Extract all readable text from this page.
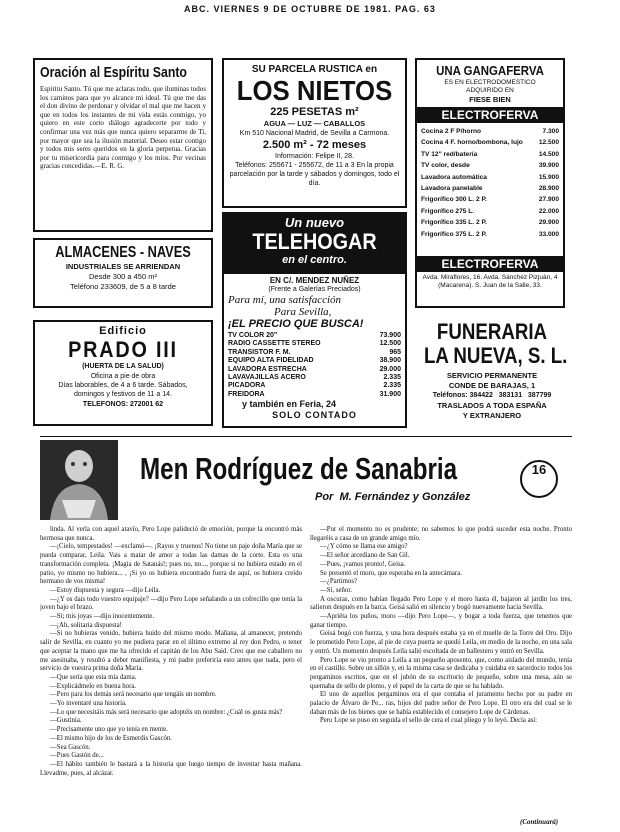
ABC. VIERNES 9 DE OCTUBRE DE 1981. PAG. 63
Oración al Espíritu Santo
Espíritu Santo. Tú que me aclaras todo, que iluminas todos los caminos para que yo alcance mi ideal. Tú que me das el don divino de perdonar y olvidar el mal que me hacen y que en todos los instantes de mi vida estás conmigo, yo quiero en este corto diálogo agradecerte por todo y confirmar una vez más que nunca quiero separarme de Ti, por mayor que sea la ilusión material. Deseo estar contigo y todos mis seres queridos en la gloria perpetua. Gracias por tu misericordia para conmigo y los míos. Por vecinas gracias concedidas.—E. R. G.
ALMACENES - NAVES
INDUSTRIALES SE ARRIENDAN
Desde 300 a 450 m²
Teléfono 233609, de 5 a 8 tarde
Edificio
PRADO III
(HUERTA DE LA SALUD)
Oficina a pie de obra
Días laborables, de 4 a 6 tarde. Sábados, domingos y festivos de 11 a 14.
TELEFONOS: 272001 62
SU PARCELA RUSTICA en
LOS NIETOS
225 PESETAS m²
AGUA — LUZ — CABALLOS
Km 510 Nacional Madrid, de Sevilla a Carmona.
2.500 m² - 72 meses
Información: Felipe II, 28.
Teléfonos: 255671 - 255672, de 11 a 3 En la propia parcelación por la tarde y sábados y domingos, todo el día.
Un nuevo
TELEHOGAR
en el centro.
EN C/. MENDEZ NUÑEZ
(Frente a Galerías Preciados)
Para mí, una satisfacción
Para Sevilla,
¡EL PRECIO QUE BUSCA!
TV COLOR 20"	73.900
RADIO CASSETTE STEREO	12.500
TRANSISTOR F. M.	965
EQUIPO ALTA FIDELIDAD	38.900
LAVADORA ESTRECHA	29.000
LAVAVAJILLAS ACERO	2.335
PICADORA	2.335
FREIDORA	31.900
y también en Feria, 24
SOLO CONTADO
UNA GANGAFERVA
ES EN ELECTRODOMESTICO ADQUIRIDO EN
FIESE BIEN
ELECTROFERVA
Cocina 2 F P/horno	7.300
Cocina 4 F. horno/bombona, lujo 12.500
TV 12" red/batería	14.500
TV color, desde	39.900
Lavadora automática	15.900
Lavadora panelable	28.900
Frigorífico 300 L. 2 P.	27.900
Frigorífico 275 L.	22.000
Frigorífico 335 L. 2 P.	29.900
Frigorífico 375 L. 2 P.	33.000
ELECTROFERVA
Avda. Miraflores, 16. Avda. Sánchez Pizjuán, 4 (Macarena). S. Juan de la Salle, 33.
FUNERARIA
LA NUEVA, S. L.
SERVICIO PERMANENTE
CONDE DE BARAJAS, 1
Teléfonos: 384422   383131   387799
TRASLADOS A TODA ESPAÑA
Y EXTRANJERO
Men Rodríguez de Sanabria
Por  M. Fernández y González
16

linda. Al verla con aquel atavío, Pero Lope palideció de emoción, porque la encontró más hermosa que nunca.

—¡Cielo, tempestades! —exclamó—. ¡Rayos y truenos! No tiene un paje doña María que se pueda comparar, Leila. Vais a matar de amor a todas las damas de la corte. Esta es una transformación completa. ¡Magia de Satanás!; pues no, no..., porque si no hubiera estado en el patio, yo mismo no hubiera... , ¡Si yo os hubiera encontrado fuera de aquí, os hubiera creído hermano de vos misma!

—Estoy dispuesta y segura —dijo Leila.

—¿Y os dais todo vuestro equipaje? —dijo Pero Lope señalando a un cofrecillo que tenía la joven bajo el brazo.

—Sí; mis joyas —dijo inocentemente.

—¡Ah, solitaria dispuesta!

—Si no hubieras venido, hubiera huido del mismo modo. Mañana, al amanecer, pretendo salir de Sevilla, en cuanto yo me pudiera parar en el último extremo al rey don Pedro, o tener que aceptar la mano que me ha ofrecido el capitán de los Abu Said. Creo que ese caballero no me asesinaba, y resultó a deber manifiesta, y mi padre preferiría esto antes que nada, pero el servicio de vuestra prima doña María.

—Que sería que esta mía dama.

—Explicádmelo en buena hora.

—Pero para los demás será necesario que tengáis un nombre.

—Yo inventaré una historia.

—Lo que necesitáis más será necesario que adoptéis un nombre: ¿Cuál os gusta más?

—Gustinia.

—Precisamente uno que yo tenía en mente.

—El mismo hijo de los de Esmerdis Gascón.

—Sea Gascón.

—Pues Gastón de...

—El hábito también le bastará a la historia que luego tiempo de inventar hasta mañana. Llevadme, pues, al alcázar.

—Por el momento no es prudente; no sabemos lo que podrá suceder esta noche. Pronto llegaréis a casa de un grande amigo mío.

—¿Y cómo se llama ese amigo?

—El señor arcediano de San Gil.

—Pues, ¡vamos pronto!, Geisa.

Se presentó el moro, que esperaba en la antecámara.

—¿Partimos?

—Sí, señor.

A oscuras, como habían llegado Pero Lope y el moro hasta él, bajaron al jardín los tres, salieron después en la barca. Geisá salió en silencio y bogó nuevamente hacia Sevilla.

—Apriéta los puños, moro —dijo Pero Lope—, y bogar a toda fuerza, que tenemos que ganar tiempo.

Geisá bogó con fuerza, y una hora después estaba ya en el muelle de la Torre del Oro. Dijo le prometido Pero Lope, al pie de cuya puerta se quedó Leila, en medio de la noche, en una sala y entró. Un momento después Leila salió escoltada de un ballestero y entró en Sevilla.

Pero Lope se vio pronto a Leila a un pequeño aposento, que, como aislado del mundo, tenía en el castillo. Sobre un sillón y, en la misma casa se dedicaba y cuidaba en sacerdocio todos los pergaminos escritos, que en el jubón de su escritorio de pequeño, sobre una mesa, aún se quemaba de sello de plomo, y el papel de la carta de que se ha hablado.

El uno de aquellos pergaminos era el que contaba el juramento hecho por su padre en palacio de Álvaro de Pe... ras, hijos del padre señor de Pero Lope. El otro era del cual se le daban más de los bienes que se había establecido el consejero Lope de Cárdenas.

Pero Lope se puso en seguida el sello de cera el cual pliego y lo leyó. Decía así:

(Continuará)
